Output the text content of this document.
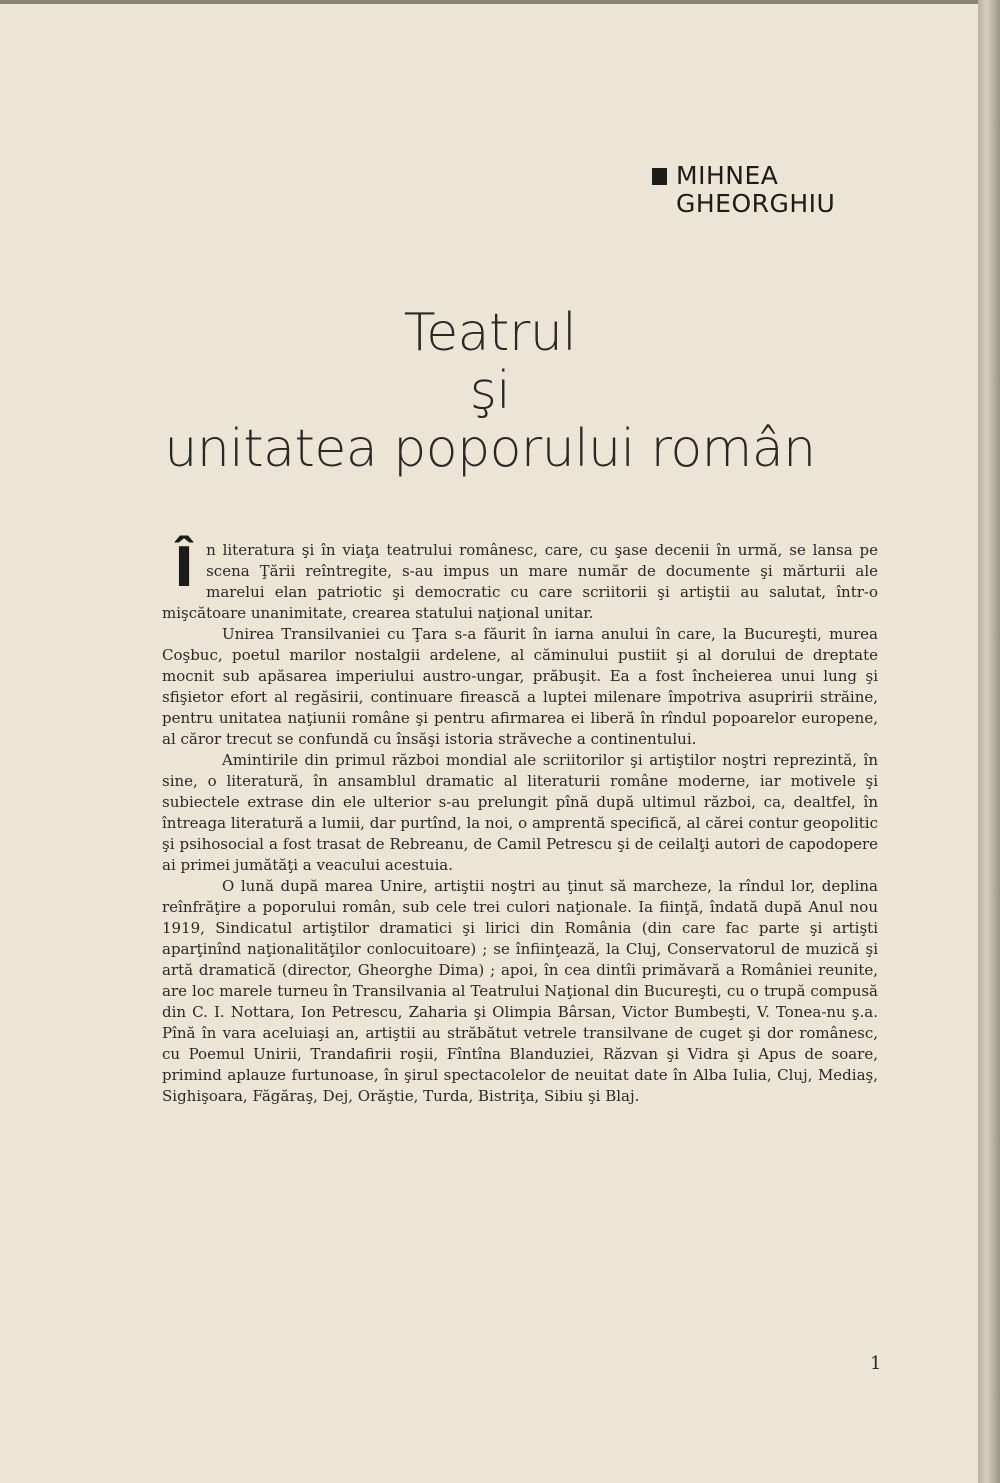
MIHNEA
GHEORGHIU
Teatrul
şi
unitatea poporului român

În literatura şi în viaţa teatrului românesc, care, cu şase decenii în urmă, se lansa pe scena Ţării reîntregite, s-au impus un mare număr de documente şi mărturii ale marelui elan patriotic şi democratic cu care scriitorii şi artiştii au salutat, într-o mişcătoare unanimitate, crearea statului naţional unitar.

Unirea Transilvaniei cu Ţara s-a făurit în iarna anului în care, la Bucureşti, murea Coşbuc, poetul marilor nostalgii ardelene, al căminului pustiit şi al dorului de dreptate mocnit sub apăsarea imperiului austro-ungar, prăbuşit. Ea a fost încheierea unui lung şi sfişietor efort al regăsirii, continuare firească a luptei milenare împotriva asupririi străine, pentru unitatea naţiunii române şi pentru afirmarea ei liberă în rîndul popoarelor europene, al căror trecut se confundă cu însăşi istoria străveche a continentului.

Amintirile din primul război mondial ale scriitorilor şi artiştilor noştri reprezintă, în sine, o literatură, în ansamblul dramatic al literaturii române moderne, iar motivele şi subiectele extrase din ele ulterior s-au prelungit pînă după ultimul război, ca, dealtfel, în întreaga literatură a lumii, dar purtînd, la noi, o amprentă specifică, al cărei contur geopolitic şi psihosocial a fost trasat de Rebreanu, de Camil Petrescu şi de ceilalţi autori de capodopere ai primei jumătăţi a veacului acestuia.

O lună după marea Unire, artiştii noştri au ţinut să marcheze, la rîndul lor, deplina reînfrăţire a poporului român, sub cele trei culori naţionale. Ia fiinţă, îndată după Anul nou 1919, Sindicatul artiştilor dramatici şi lirici din România (din care fac parte şi artişti aparţinînd naţionalităţilor conlocuitoare) ; se înfiinţează, la Cluj, Conservatorul de muzică şi artă dramatică (director, Gheorghe Dima) ; apoi, în cea dintîi primăvară a României reunite, are loc marele turneu în Transilvania al Teatrului Naţional din Bucureşti, cu o trupă compusă din C. I. Nottara, Ion Petrescu, Zaharia şi Olimpia Bârsan, Victor Bumbeşti, V. Tonea-nu ş.a. Pînă în vara aceluiaşi an, artiştii au străbătut vetrele transilvane de cuget şi dor românesc, cu Poemul Unirii, Trandafirii roşii, Fîntîna Blanduziei, Răzvan şi Vidra şi Apus de soare, primind aplauze furtunoase, în şirul spectacolelor de neuitat date în Alba Iulia, Cluj, Mediaş, Sighişoara, Făgăraş, Dej, Orăştie, Turda, Bistriţa, Sibiu şi Blaj.

1
